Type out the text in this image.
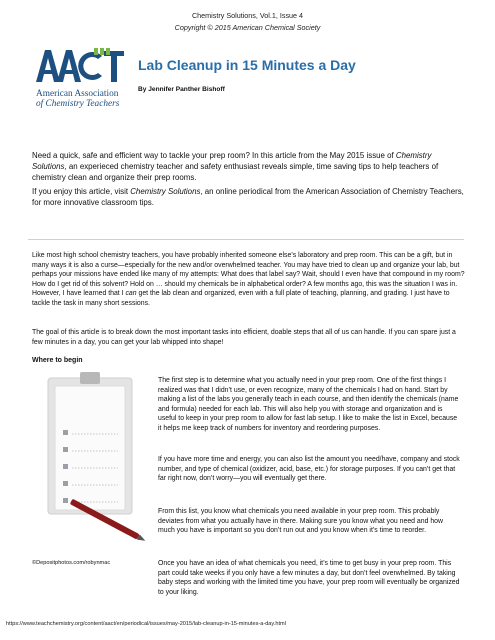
Chemistry Solutions, Vol.1, Issue 4
Copyright © 2015 American Chemical Society
American Association
of Chemistry Teachers
Lab Cleanup in 15 Minutes a Day
By Jennifer Panther Bishoff
Need a quick, safe and efficient way to tackle your prep room? In this article from the May 2015 issue of Chemistry Solutions, an experieced chemistry teacher and safety enthusiast reveals simple, time saving tips to help teachers of chemistry clean and organize their prep rooms.
If you enjoy this article, visit Chemistry Solutions, an online periodical from the American Association of Chemistry Teachers, for more innovative classroom tips.
Like most high school chemistry teachers, you have probably inherited someone else’s laboratory and prep room. This can be a gift, but in many ways it is also a curse—especially for the new and/or overwhelmed teacher. You may have tried to clean up and organize your lab, but perhaps your missions have ended like many of my attempts: What does that label say? Wait, should I even have that compound in my room? How do I get rid of this solvent? Hold on … should my chemicals be in alphabetical order? A few months ago, this was the situation I was in. However, I have learned that I can get the lab clean and organized, even with a full plate of teaching, planning, and grading. I just have to tackle the task in many short sessions.
The goal of this article is to break down the most important tasks into efficient, doable steps that all of us can handle. If you can spare just a few minutes in a day, you can get your lab whipped into shape!
Where to begin
©Depositphotos.com/robynmac
The first step is to determine what you actually need in your prep room. One of the first things I realized was that I didn’t use, or even recognize, many of the chemicals I had on hand. Start by making a list of the labs you generally teach in each course, and then identify the chemicals (name and formula) needed for each lab. This will also help you with storage and organization and is useful to keep in your prep room to allow for fast lab setup. I like to make the list in Excel, because it helps me keep track of numbers for inventory and reordering purposes.
If you have more time and energy, you can also list the amount you need/have, company and stock number, and type of chemical (oxidizer, acid, base, etc.) for storage purposes. If you can’t get that far right now, don’t worry—you will eventually get there.
From this list, you know what chemicals you need available in your prep room. This probably deviates from what you actually have in there. Making sure you know what you need and how much you have is important so you don’t run out and you know when it’s time to reorder.
Once you have an idea of what chemicals you need, it’s time to get busy in your prep room. This part could take weeks if you only have a few minutes a day, but don’t feel overwhelmed. By taking baby steps and working with the limited time you have, your prep room will eventually be organized to your liking.
https://www.teachchemistry.org/content/aact/en/periodical/issues/may-2015/lab-cleanup-in-15-minutes-a-day.html
